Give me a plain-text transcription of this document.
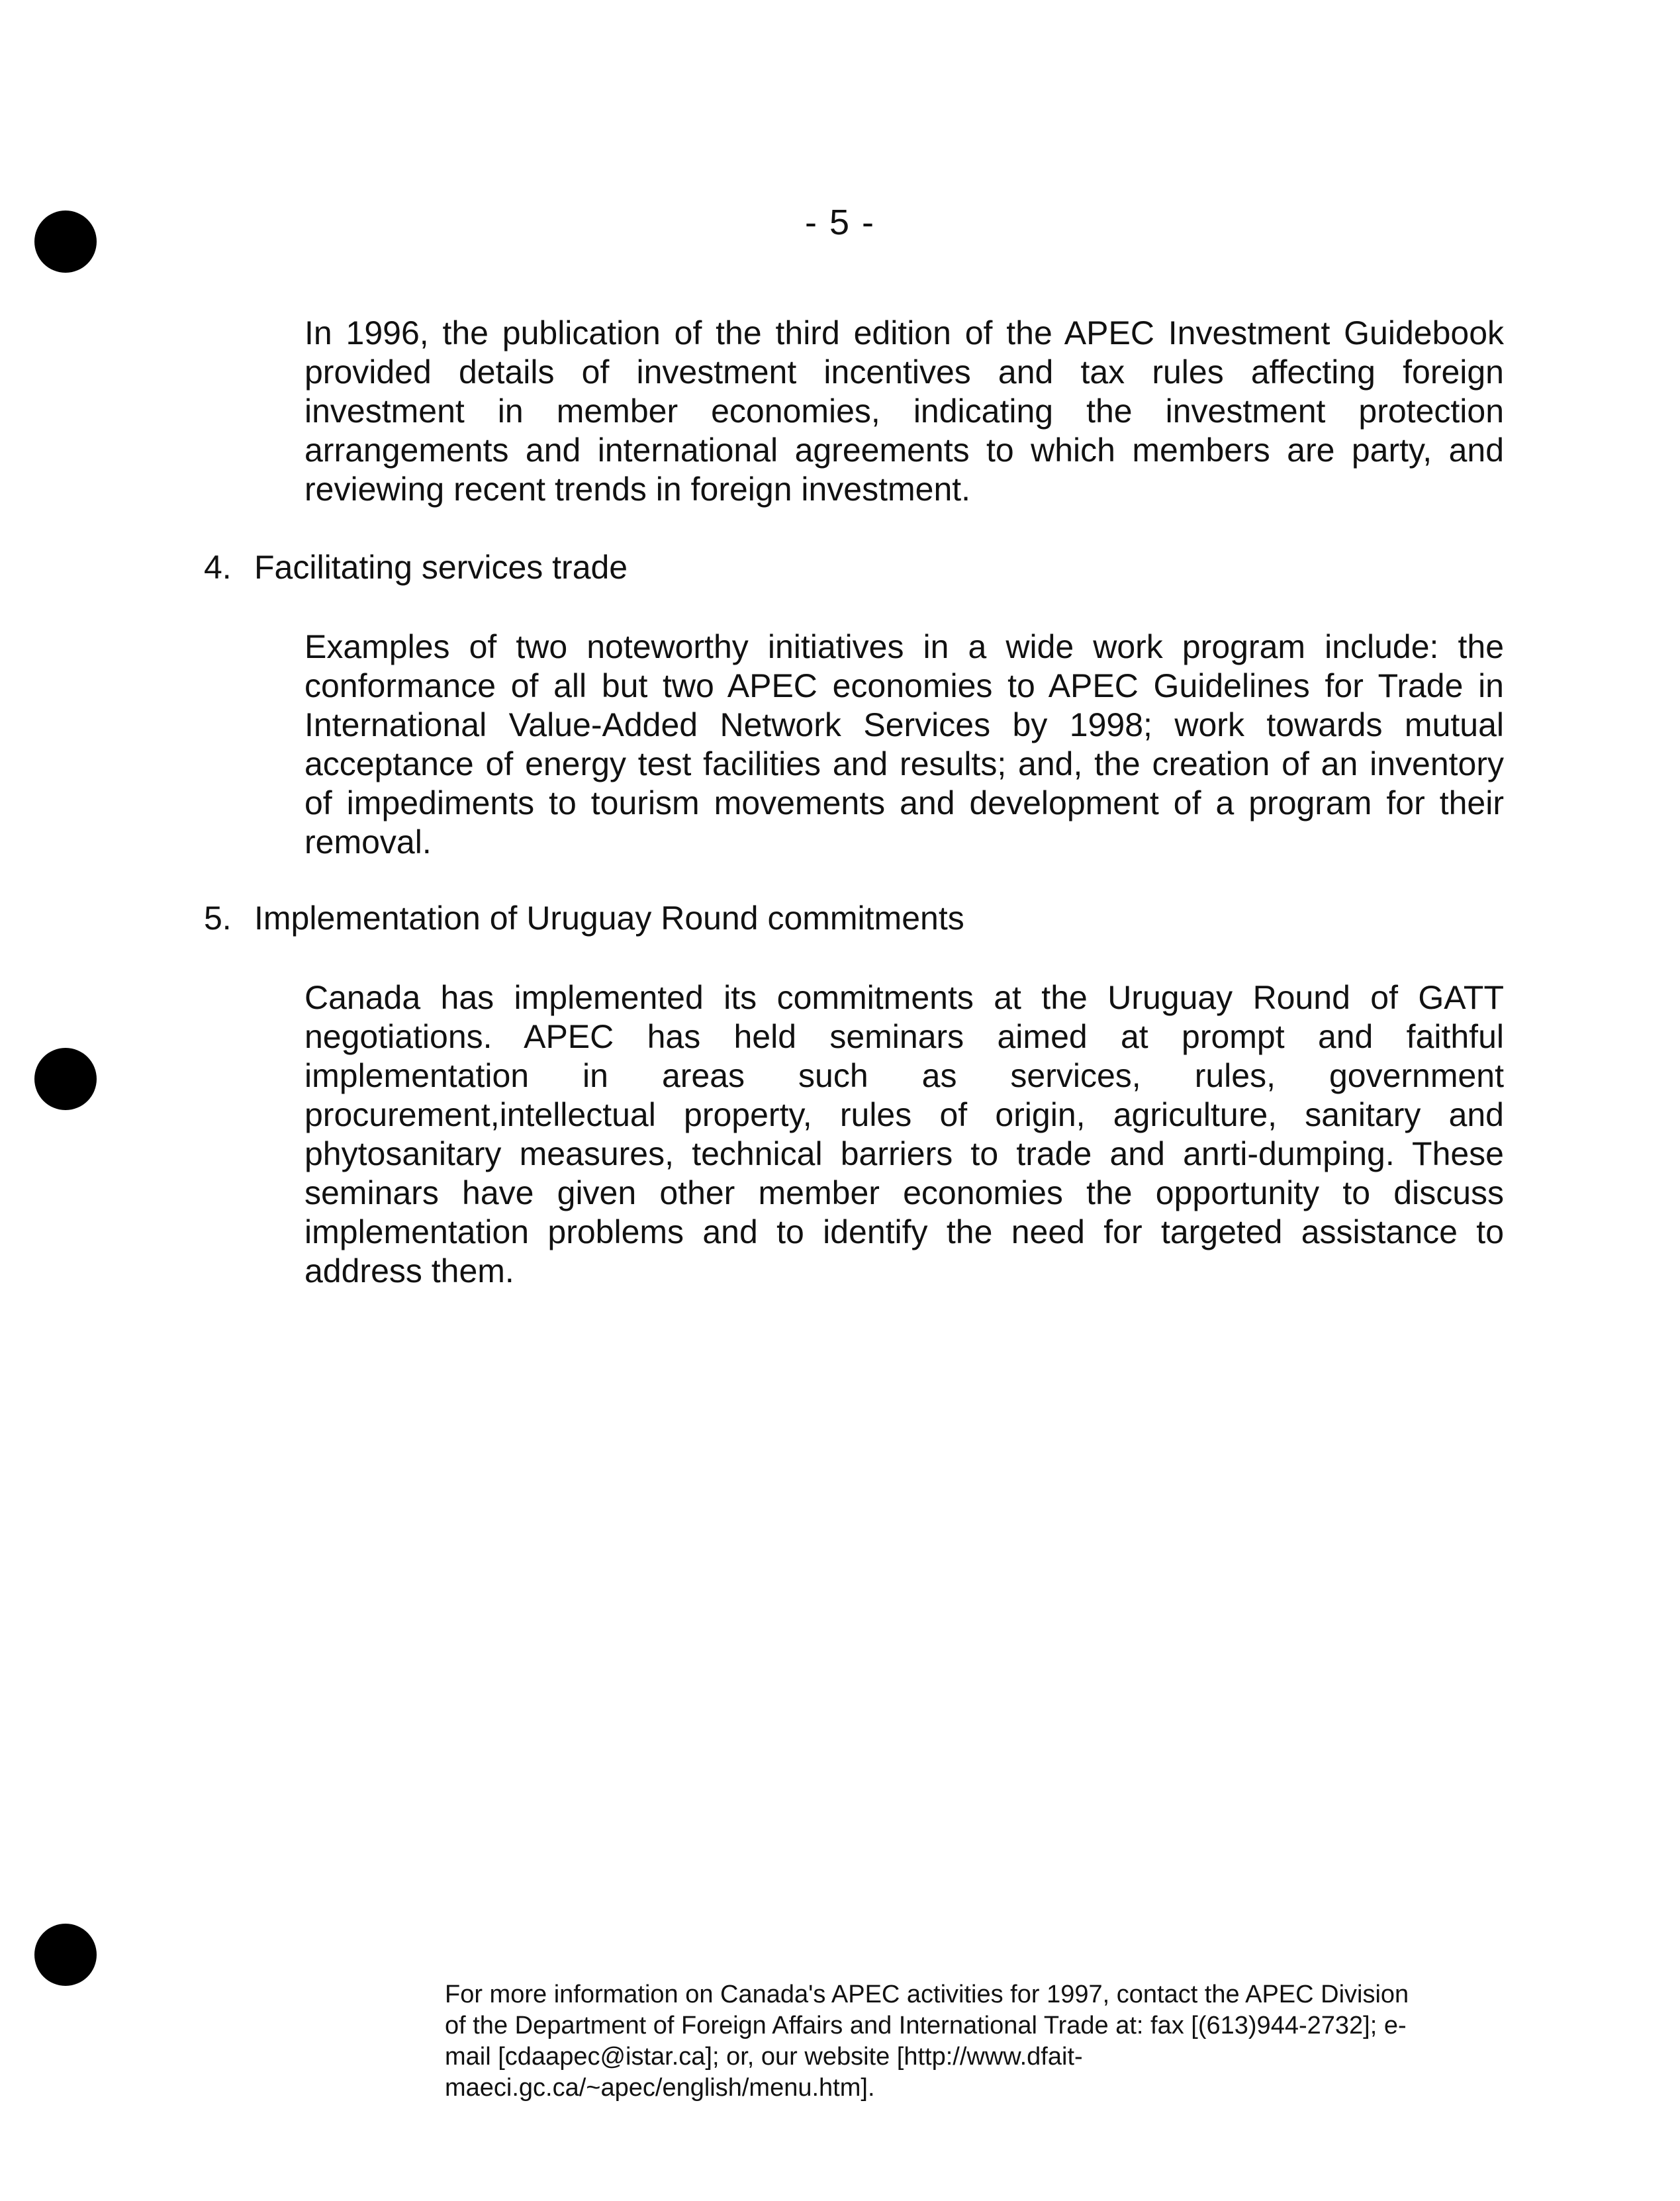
- 5 -

In 1996, the publication of the third edition of the APEC Investment Guidebook provided details of investment incentives and tax rules affecting foreign investment in member economies, indicating the investment protection arrangements and international agreements to which members are party, and reviewing recent trends in foreign investment.

4. Facilitating services trade

Examples of two noteworthy initiatives in a wide work program include: the conformance of all but two APEC economies to APEC Guidelines for Trade in International Value-Added Network Services by 1998; work towards mutual acceptance of energy test facilities and results; and, the creation of an inventory of impediments to tourism movements and development of a program for their removal.

5. Implementation of Uruguay Round commitments

Canada has implemented its commitments at the Uruguay Round of GATT negotiations. APEC has held seminars aimed at prompt and faithful implementation in areas such as services, rules, government procurement,intellectual property, rules of origin, agriculture, sanitary and phytosanitary measures, technical barriers to trade and anrti-dumping. These seminars have given other member economies the opportunity to discuss implementation problems and to identify the need for targeted assistance to address them.

For more information on Canada's APEC activities for 1997, contact the APEC Division of the Department of Foreign Affairs and International Trade at: fax [(613)944-2732]; e-mail [cdaapec@istar.ca]; or, our website [http://www.dfait-maeci.gc.ca/~apec/english/menu.htm].
